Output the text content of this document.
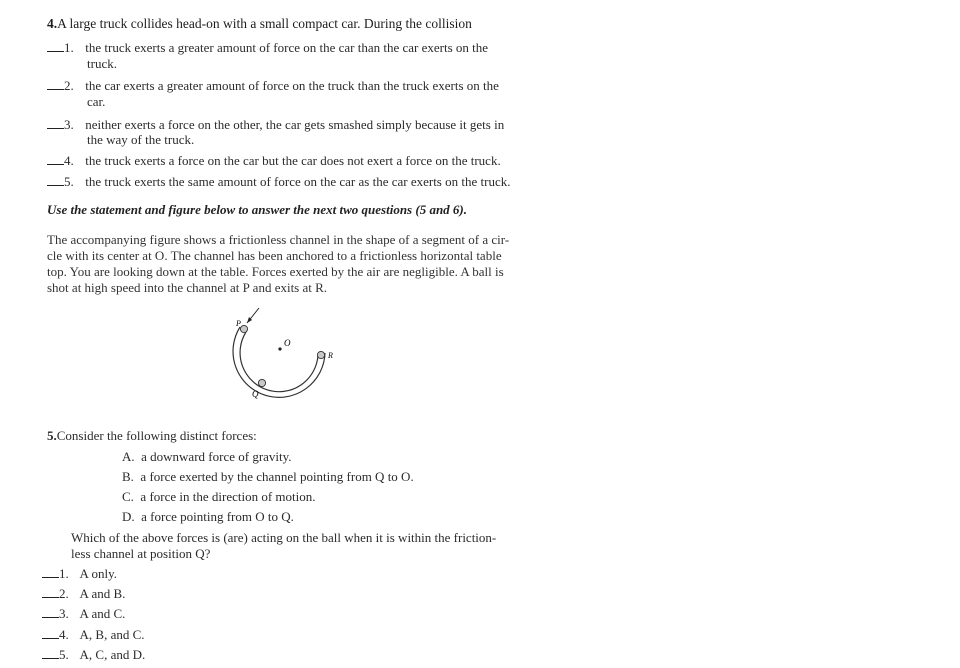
4.A large truck collides head-on with a small compact car. During the collision
1. the truck exerts a greater amount of force on the car than the car exerts on the
truck.
2. the car exerts a greater amount of force on the truck than the truck exerts on the
car.
3. neither exerts a force on the other, the car gets smashed simply because it gets in
the way of the truck.
4. the truck exerts a force on the car but the car does not exert a force on the truck.
5. the truck exerts the same amount of force on the car as the car exerts on the truck.
Use the statement and figure below to answer the next two questions (5 and 6).
The accompanying figure shows a frictionless channel in the shape of a segment of a cir-
cle with its center at O. The channel has been anchored to a frictionless horizontal table
top. You are looking down at the table. Forces exerted by the air are negligible. A ball is
shot at high speed into the channel at P and exits at R.
P
O
Q
R
5.Consider the following distinct forces:
A. a downward force of gravity.
B. a force exerted by the channel pointing from Q to O.
C. a force in the direction of motion.
D. a force pointing from O to Q.
Which of the above forces is (are) acting on the ball when it is within the friction-
less channel at position Q?
1. A only.
2. A and B.
3. A and C.
4. A, B, and C.
5. A, C, and D.
